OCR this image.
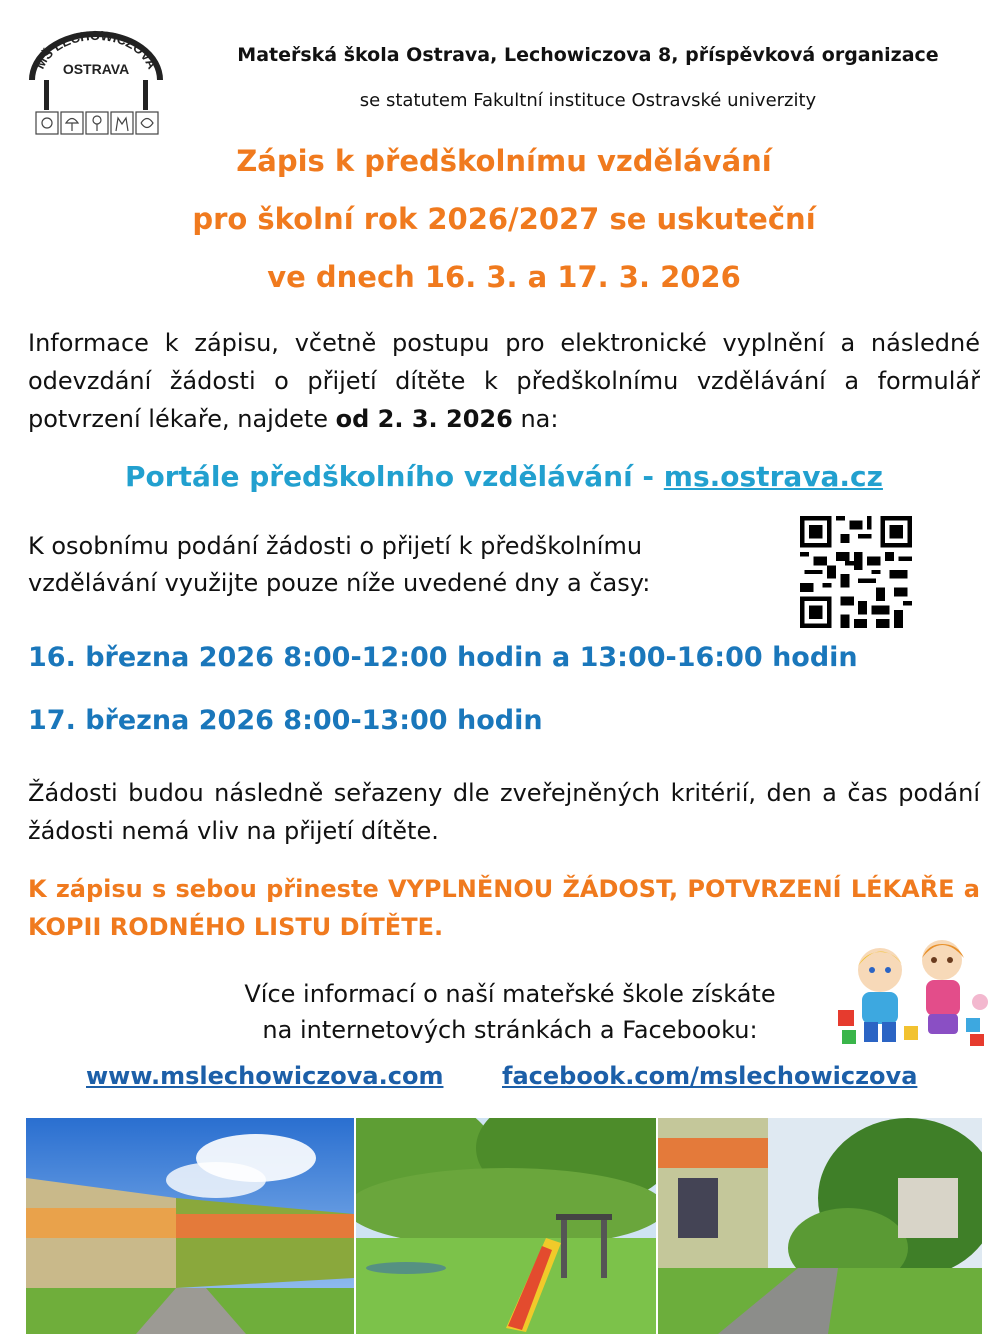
MŠ LECHOWICZOVA
OSTRAVA
Mateřská škola Ostrava, Lechowiczova 8, příspěvková organizace
se statutem Fakultní instituce Ostravské univerzity
Zápis k předškolnímu vzdělávání
pro školní rok 2026/2027 se uskuteční
ve dnech 16. 3. a 17. 3. 2026
Informace k zápisu, včetně postupu pro elektronické vyplnění a následné odevzdání žádosti o přijetí dítěte k předškolnímu vzdělávání a formulář potvrzení lékaře, najdete od 2. 3. 2026 na:
Portále předškolního vzdělávání - ms.ostrava.cz
K osobnímu podání žádosti o přijetí k předškolnímu
vzdělávání využijte pouze níže uvedené dny a časy:
16. března 2026 8:00-12:00 hodin a 13:00-16:00 hodin
17. března 2026 8:00-13:00 hodin
Žádosti budou následně seřazeny dle zveřejněných kritérií, den a čas podání žádosti nemá vliv na přijetí dítěte.
K zápisu s sebou přineste VYPLNĚNOU ŽÁDOST, POTVRZENÍ LÉKAŘE a KOPII RODNÉHO LISTU DÍTĚTE.
Více informací o naší mateřské škole získáte
na internetových stránkách a Facebooku:
www.mslechowiczova.com facebook.com/mslechowiczova
